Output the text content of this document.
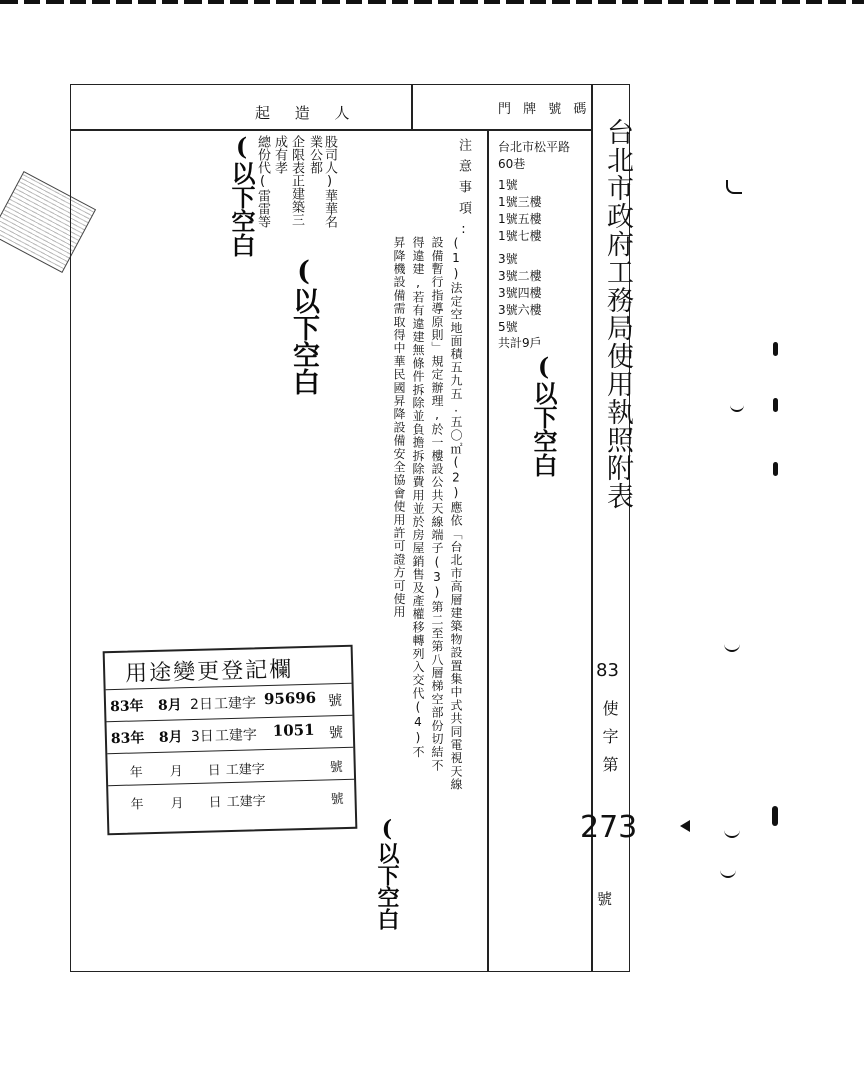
起 造 人	門 牌 號 碼
台北市政府工務局使用執照附表
83
使字第
273
號
股司人)華華名
業公都
企限表正建築三
成有孝
總份代(雷雷等
(以下空白
(以下空白
注意事項:
(1)法定空地面積五九五.五〇㎡(2)應依「台北市高層建築物設置集中式共同電視天線
設備暫行指導原則」規定辦理,於一樓設公共天線端子(3)第二至第八層梯空部份切結不
得違建,若有違建無條件拆除並負擔拆除費用並於房屋銷售及產權移轉列入交代(4)不
昇降機設備需取得中華民國昇降設備安全協會使用許可證方可使用
(以下空白
台北市松平路
60巷
1號
1號三樓
1號五樓
1號七樓
3號
3號二樓
3號四樓
3號六樓
5號
共計9戶
(以下空白
用途變更登記欄
83年 8月 2日 工建字 95696 號
83年 8月 3日 工建字 1051 號
年 月 日 工建字	號
年 月 日 工建字	號
